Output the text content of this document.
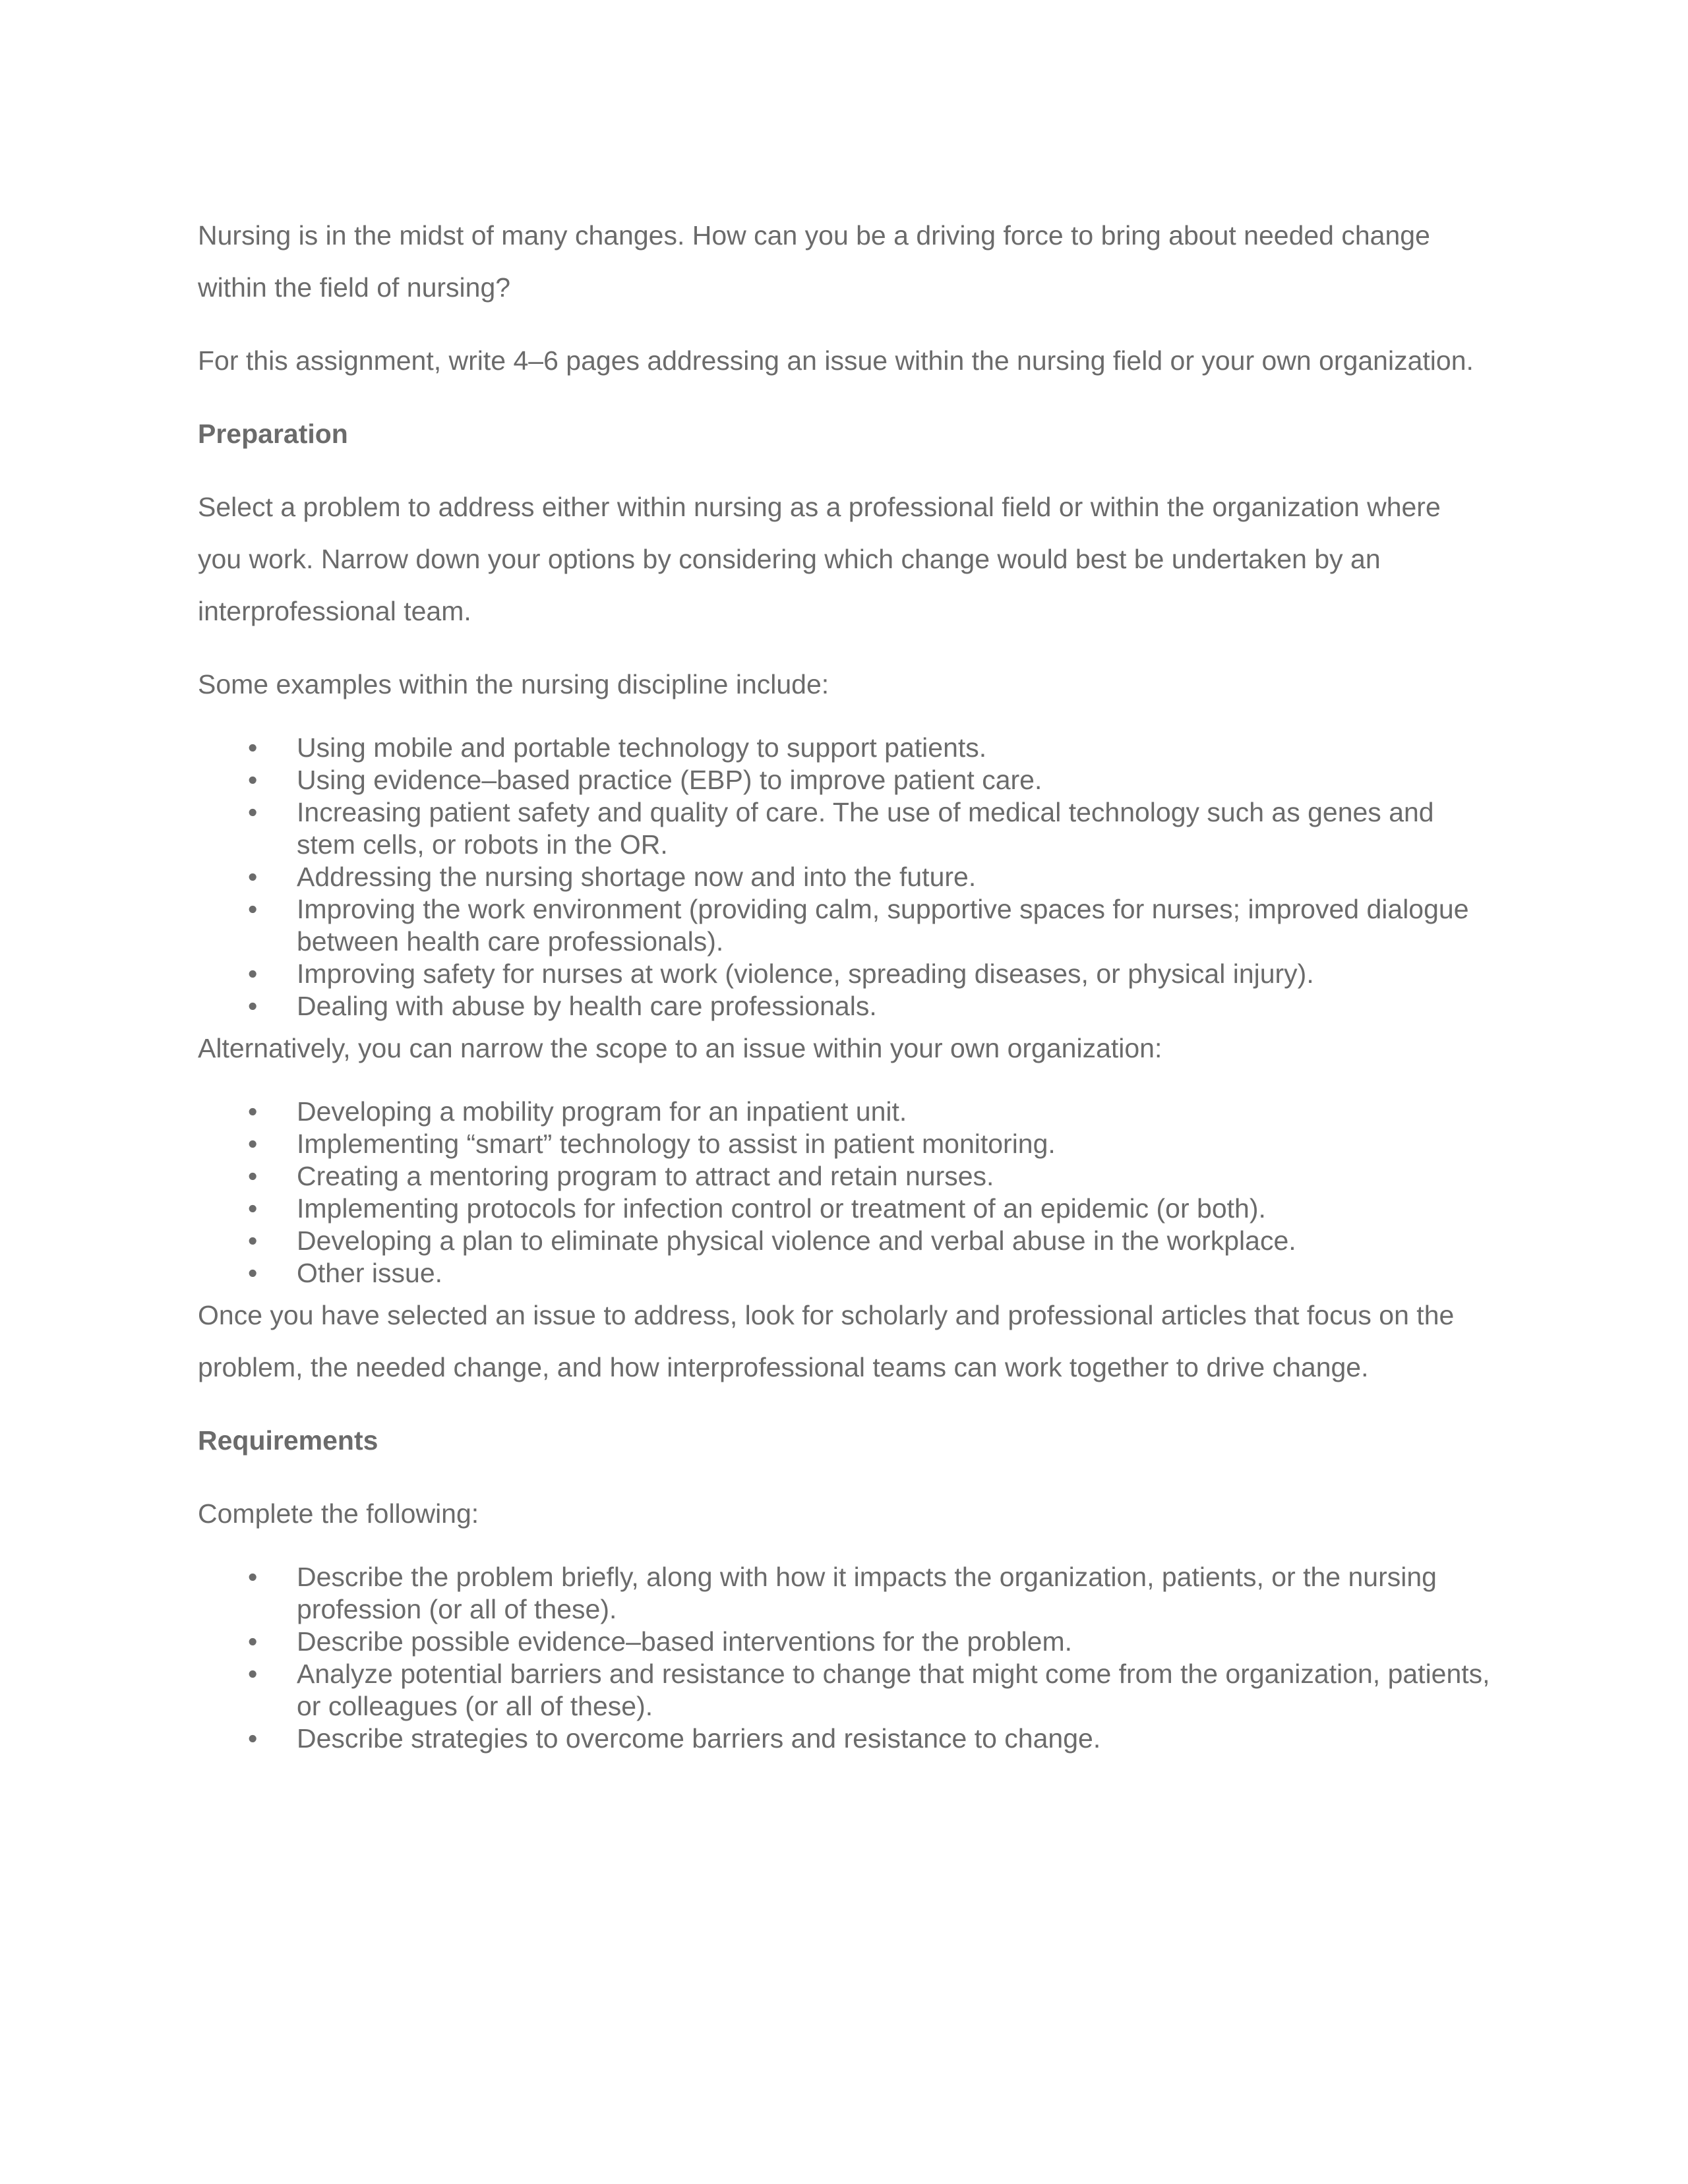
Nursing is in the midst of many changes. How can you be a driving force to bring about needed change within the field of nursing?

For this assignment, write 4–6 pages addressing an issue within the nursing field or your own organization.

Preparation

Select a problem to address either within nursing as a professional field or within the organization where you work. Narrow down your options by considering which change would best be undertaken by an interprofessional team.

Some examples within the nursing discipline include:

• Using mobile and portable technology to support patients.
• Using evidence–based practice (EBP) to improve patient care.
• Increasing patient safety and quality of care. The use of medical technology such as genes and stem cells, or robots in the OR.
• Addressing the nursing shortage now and into the future.
• Improving the work environment (providing calm, supportive spaces for nurses; improved dialogue between health care professionals).
• Improving safety for nurses at work (violence, spreading diseases, or physical injury).
• Dealing with abuse by health care professionals.

Alternatively, you can narrow the scope to an issue within your own organization:

• Developing a mobility program for an inpatient unit.
• Implementing “smart” technology to assist in patient monitoring.
• Creating a mentoring program to attract and retain nurses.
• Implementing protocols for infection control or treatment of an epidemic (or both).
• Developing a plan to eliminate physical violence and verbal abuse in the workplace.
• Other issue.

Once you have selected an issue to address, look for scholarly and professional articles that focus on the problem, the needed change, and how interprofessional teams can work together to drive change.

Requirements

Complete the following:

• Describe the problem briefly, along with how it impacts the organization, patients, or the nursing profession (or all of these).
• Describe possible evidence–based interventions for the problem.
• Analyze potential barriers and resistance to change that might come from the organization, patients, or colleagues (or all of these).
• Describe strategies to overcome barriers and resistance to change.
